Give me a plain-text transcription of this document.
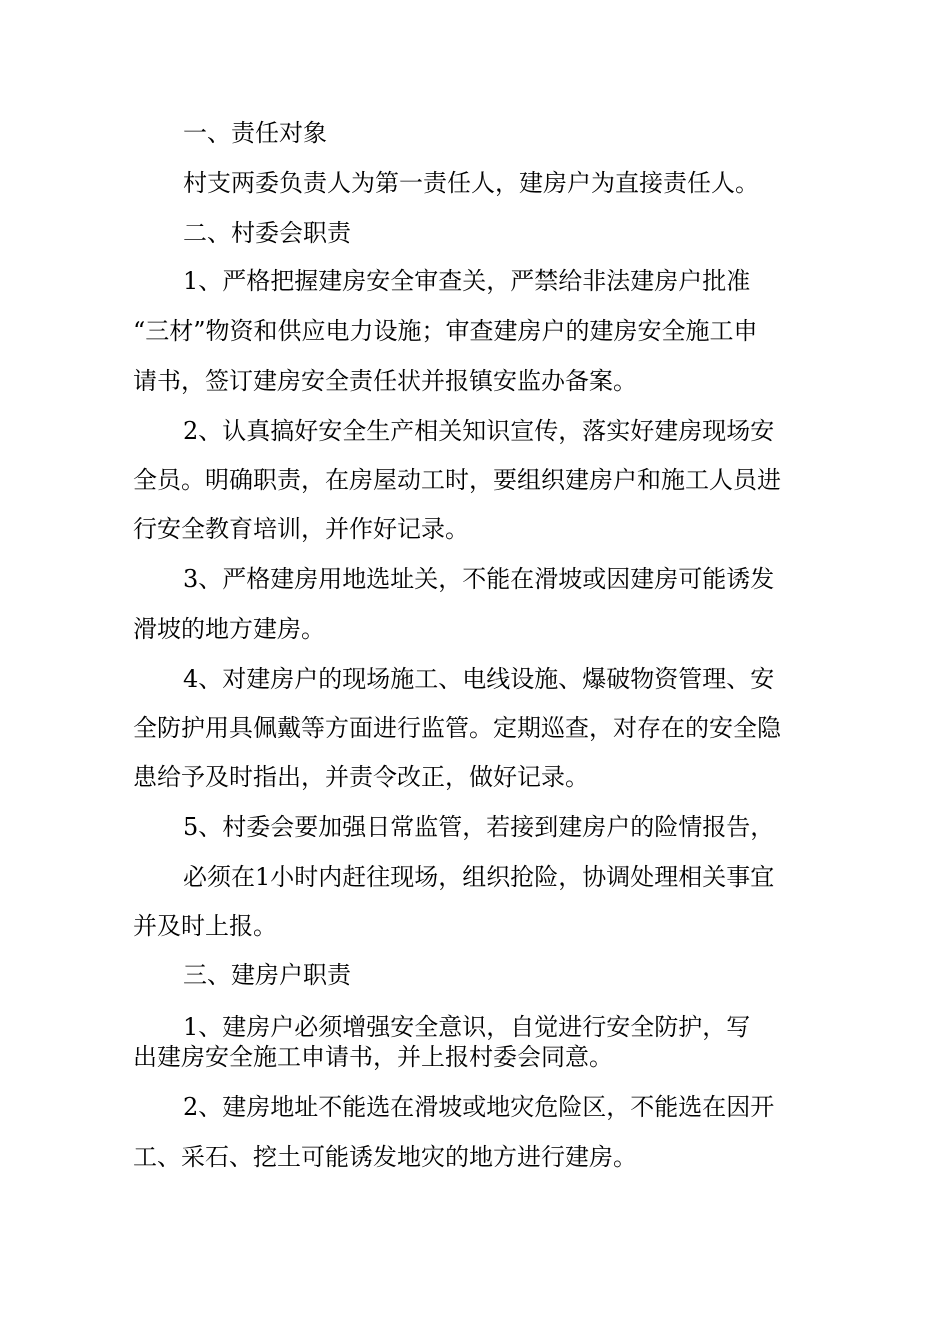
一、责任对象
村支两委负责人为第一责任人，建房户为直接责任人。
二、村委会职责
1、严格把握建房安全审查关，严禁给非法建房户批准
“三材”物资和供应电力设施；审查建房户的建房安全施工申
请书，签订建房安全责任状并报镇安监办备案。
2、认真搞好安全生产相关知识宣传，落实好建房现场安
全员。明确职责，在房屋动工时，要组织建房户和施工人员进
行安全教育培训，并作好记录。
3、严格建房用地选址关，不能在滑坡或因建房可能诱发
滑坡的地方建房。
4、对建房户的现场施工、电线设施、爆破物资管理、安
全防护用具佩戴等方面进行监管。定期巡查，对存在的安全隐
患给予及时指出，并责令改正，做好记录。
5、村委会要加强日常监管，若接到建房户的险情报告，
必须在1小时内赶往现场，组织抢险，协调处理相关事宜
并及时上报。
三、建房户职责
1、建房户必须增强安全意识，自觉进行安全防护，写
出建房安全施工申请书，并上报村委会同意。
2、建房地址不能选在滑坡或地灾危险区，不能选在因开
工、采石、挖土可能诱发地灾的地方进行建房。
